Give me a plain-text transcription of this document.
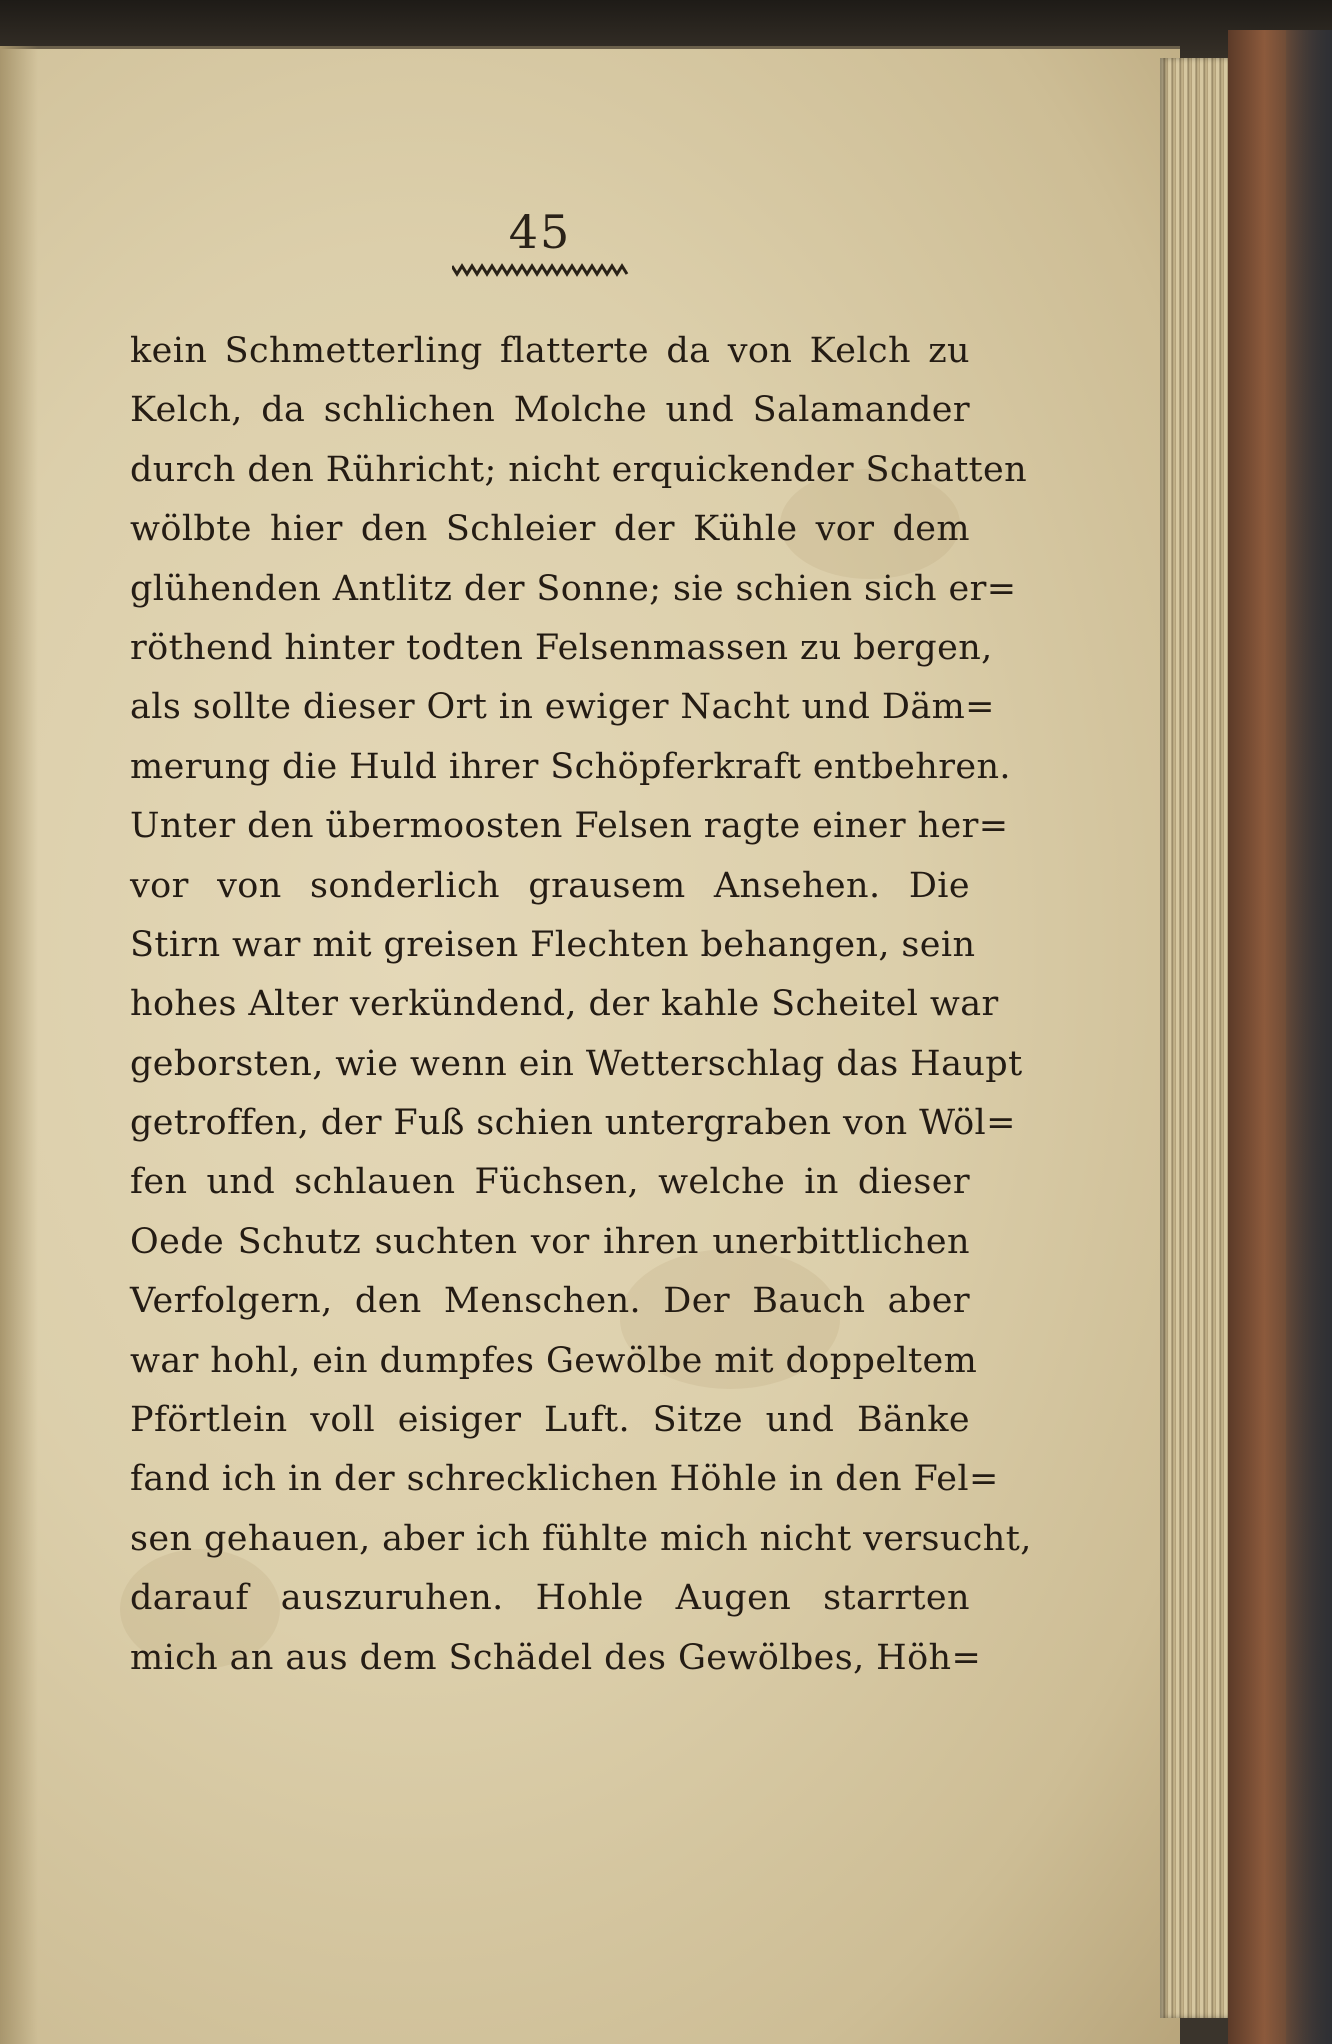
45
kein Schmetterling flatterte da von Kelch zu
Kelch, da schlichen Molche und Salamander
durch den Rühricht; nicht erquickender Schatten
wölbte hier den Schleier der Kühle vor dem
glühenden Antlitz der Sonne; sie schien sich er=
röthend hinter todten Felsenmassen zu bergen,
als sollte dieser Ort in ewiger Nacht und Däm=
merung die Huld ihrer Schöpferkraft entbehren.
Unter den übermoosten Felsen ragte einer her=
vor von sonderlich grausem Ansehen. Die
Stirn war mit greisen Flechten behangen, sein
hohes Alter verkündend, der kahle Scheitel war
geborsten, wie wenn ein Wetterschlag das Haupt
getroffen, der Fuß schien untergraben von Wöl=
fen und schlauen Füchsen, welche in dieser
Oede Schutz suchten vor ihren unerbittlichen
Verfolgern, den Menschen. Der Bauch aber
war hohl, ein dumpfes Gewölbe mit doppeltem
Pförtlein voll eisiger Luft. Sitze und Bänke
fand ich in der schrecklichen Höhle in den Fel=
sen gehauen, aber ich fühlte mich nicht versucht,
darauf auszuruhen. Hohle Augen starrten
mich an aus dem Schädel des Gewölbes, Höh=
